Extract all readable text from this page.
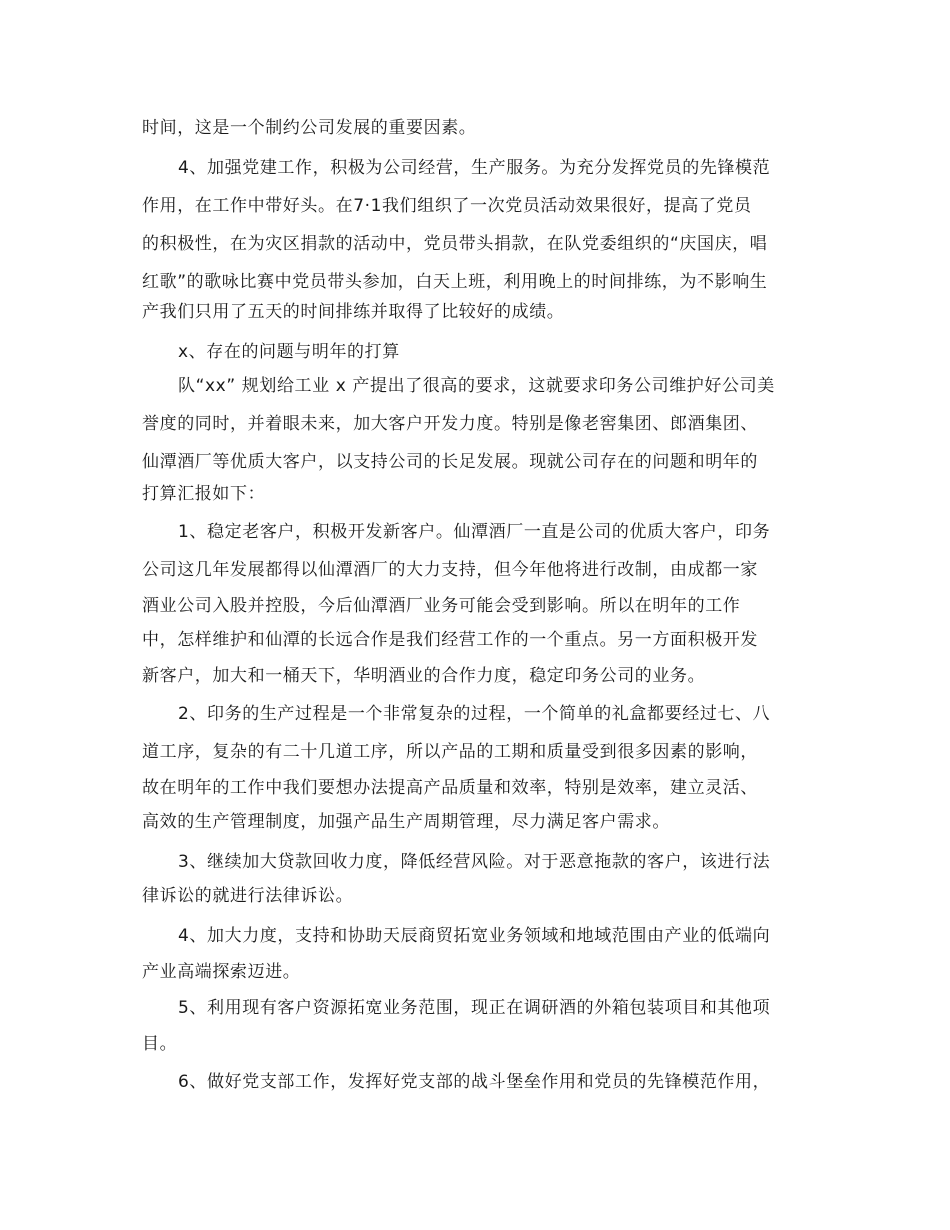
时间，这是一个制约公司发展的重要因素。
4、加强党建工作，积极为公司经营，生产服务。为充分发挥党员的先锋模范
作用，在工作中带好头。在7·1我们组织了一次党员活动效果很好，提高了党员
的积极性，在为灾区捐款的活动中，党员带头捐款，在队党委组织的“庆国庆，唱
红歌”的歌咏比赛中党员带头参加，白天上班，利用晚上的时间排练，为不影响生
产我们只用了五天的时间排练并取得了比较好的成绩。
x、存在的问题与明年的打算
队“xx” 规划给工业 x 产提出了很高的要求，这就要求印务公司维护好公司美
誉度的同时，并着眼未来，加大客户开发力度。特别是像老窖集团、郎酒集团、
仙潭酒厂等优质大客户，以支持公司的长足发展。现就公司存在的问题和明年的
打算汇报如下：
1、稳定老客户，积极开发新客户。仙潭酒厂一直是公司的优质大客户，印务
公司这几年发展都得以仙潭酒厂的大力支持，但今年他将进行改制，由成都一家
酒业公司入股并控股，今后仙潭酒厂业务可能会受到影响。所以在明年的工作
中，怎样维护和仙潭的长远合作是我们经营工作的一个重点。另一方面积极开发
新客户，加大和一桶天下，华明酒业的合作力度，稳定印务公司的业务。
2、印务的生产过程是一个非常复杂的过程，一个简单的礼盒都要经过七、八
道工序，复杂的有二十几道工序，所以产品的工期和质量受到很多因素的影响，
故在明年的工作中我们要想办法提高产品质量和效率，特别是效率，建立灵活、
高效的生产管理制度，加强产品生产周期管理，尽力满足客户需求。
3、继续加大贷款回收力度，降低经营风险。对于恶意拖款的客户，该进行法
律诉讼的就进行法律诉讼。
4、加大力度，支持和协助天辰商贸拓宽业务领域和地域范围由产业的低端向
产业高端探索迈进。
5、利用现有客户资源拓宽业务范围，现正在调研酒的外箱包装项目和其他项
目。
6、做好党支部工作，发挥好党支部的战斗堡垒作用和党员的先锋模范作用，
